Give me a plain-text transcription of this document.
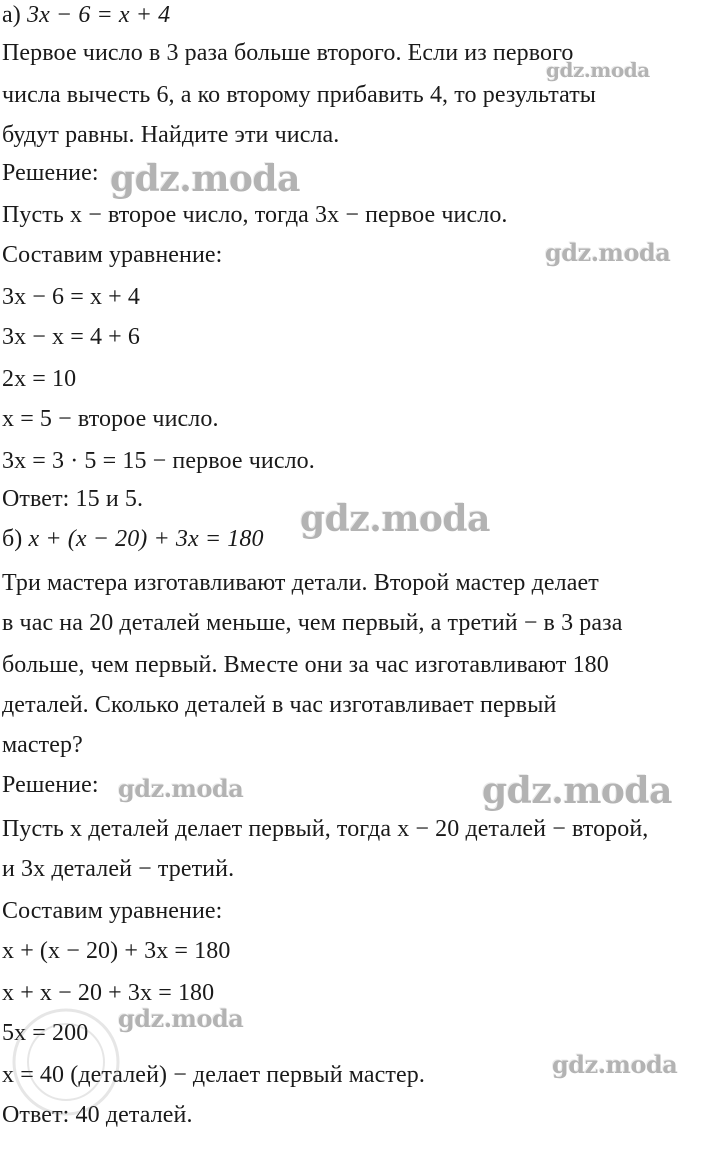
а) 3x − 6 = x + 4
Первое число в 3 раза больше второго. Если из первого
числа вычесть 6, а ко второму прибавить 4, то результаты
будут равны. Найдите эти числа.
Решение:
Пусть x − второе число, тогда 3x − первое число.
Составим уравнение:
3x − 6 = x + 4
3x − x = 4 + 6
2x = 10
x = 5 − второе число.
3x = 3 · 5 = 15 − первое число.
Ответ: 15 и 5.
б) x + (x − 20) + 3x = 180
Три мастера изготавливают детали. Второй мастер делает
в час на 20 деталей меньше, чем первый, а третий − в 3 раза
больше, чем первый. Вместе они за час изготавливают 180
деталей. Сколько деталей в час изготавливает первый
мастер?
Решение:
Пусть x деталей делает первый, тогда x − 20 деталей − второй,
и 3x деталей − третий.
Составим уравнение:
x + (x − 20) + 3x = 180
x + x − 20 + 3x = 180
5x = 200
x = 40 (деталей) − делает первый мастер.
Ответ: 40 деталей.
gdz.moda
gdz.moda
gdz.moda
gdz.moda
gdz.moda	gdz.moda
gdz.moda
gdz.moda
